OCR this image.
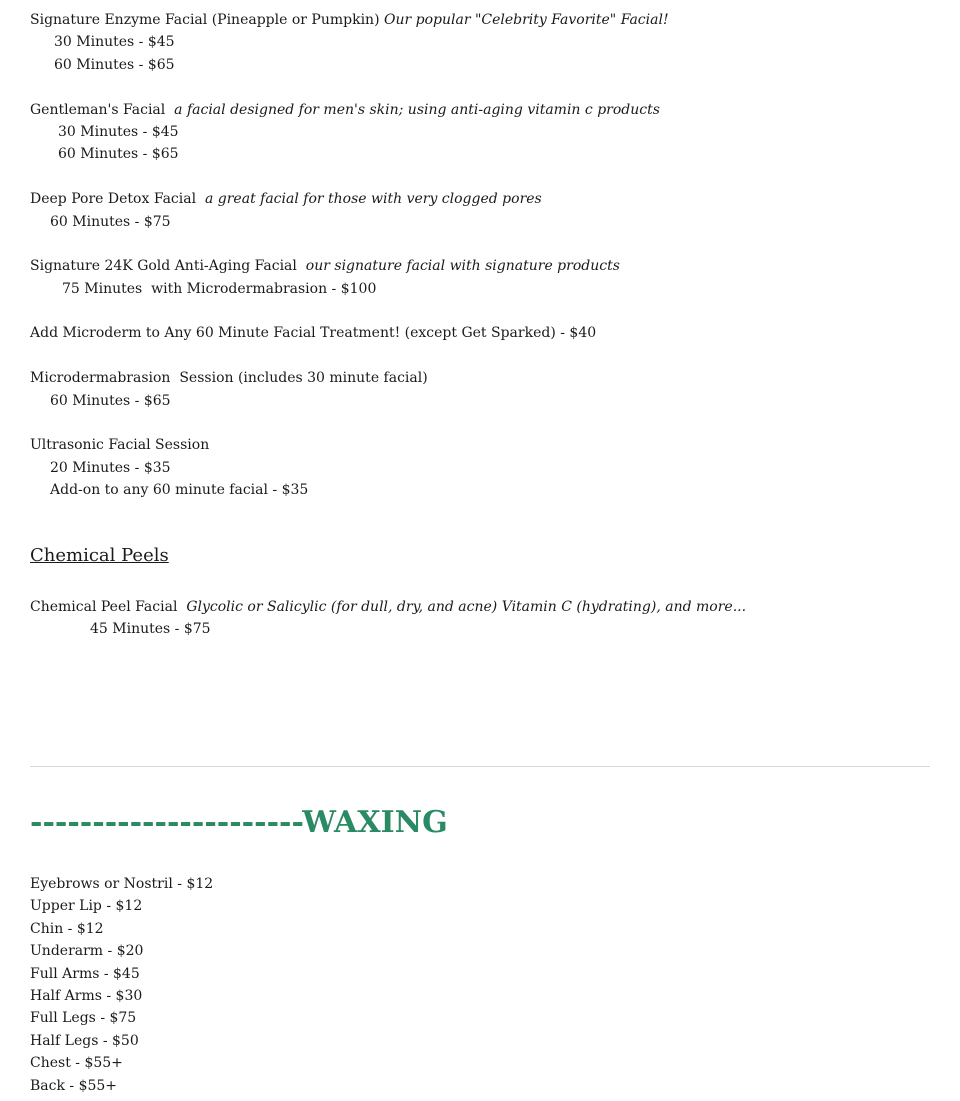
Signature Enzyme Facial (Pineapple or Pumpkin) Our popular "Celebrity Favorite" Facial!
30 Minutes - $45
60 Minutes - $65
Gentleman's Facial  a facial designed for men's skin; using anti-aging vitamin c products
30 Minutes - $45
60 Minutes - $65
Deep Pore Detox Facial  a great facial for those with very clogged pores
60 Minutes - $75
Signature 24K Gold Anti-Aging Facial  our signature facial with signature products
75 Minutes  with Microdermabrasion - $100
Add Microderm to Any 60 Minute Facial Treatment! (except Get Sparked) - $40
Microdermabrasion  Session (includes 30 minute facial)
60 Minutes - $65
Ultrasonic Facial Session
20 Minutes - $35
Add-on to any 60 minute facial - $35
Chemical Peels
Chemical Peel Facial  Glycolic or Salicylic (for dull, dry, and acne) Vitamin C (hydrating), and more...
45 Minutes - $75
----------------------WAXING
Eyebrows or Nostril - $12
Upper Lip - $12
Chin - $12
Underarm - $20
Full Arms - $45
Half Arms - $30
Full Legs - $75
Half Legs - $50
Chest - $55+
Back - $55+
